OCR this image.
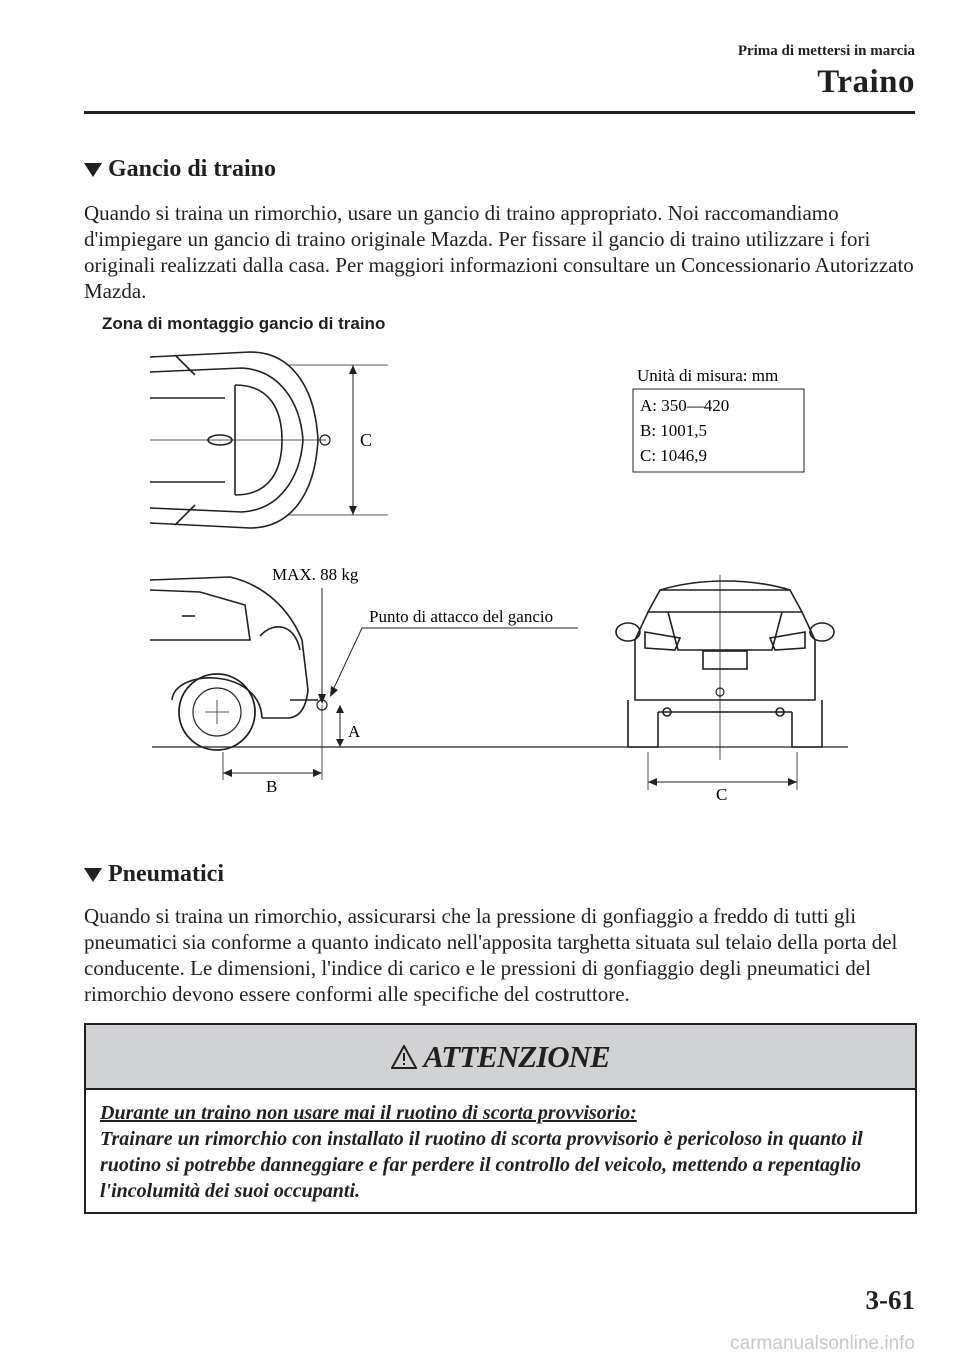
Prima di mettersi in marcia
Traino
Gancio di traino
Quando si traina un rimorchio, usare un gancio di traino appropriato. Noi raccomandiamo d'impiegare un gancio di traino originale Mazda. Per fissare il gancio di traino utilizzare i fori originali realizzati dalla casa. Per maggiori informazioni consultare un Concessionario Autorizzato Mazda.
Zona di montaggio gancio di traino
C
Unità di misura: mm
A: 350—420
B: 1001,5
C: 1046,9
MAX. 88 kg
Punto di attacco del gancio
A
B	C
Pneumatici
Quando si traina un rimorchio, assicurarsi che la pressione di gonfiaggio a freddo di tutti gli pneumatici sia conforme a quanto indicato nell'apposita targhetta situata sul telaio della porta del conducente. Le dimensioni, l'indice di carico e le pressioni di gonfiaggio degli pneumatici del rimorchio devono essere conformi alle specifiche del costruttore.
ATTENZIONE
Durante un traino non usare mai il ruotino di scorta provvisorio:
Trainare un rimorchio con installato il ruotino di scorta provvisorio è pericoloso in quanto il ruotino si potrebbe danneggiare e far perdere il controllo del veicolo, mettendo a repentaglio l'incolumità dei suoi occupanti.
3-61
carmanualsonline.info
